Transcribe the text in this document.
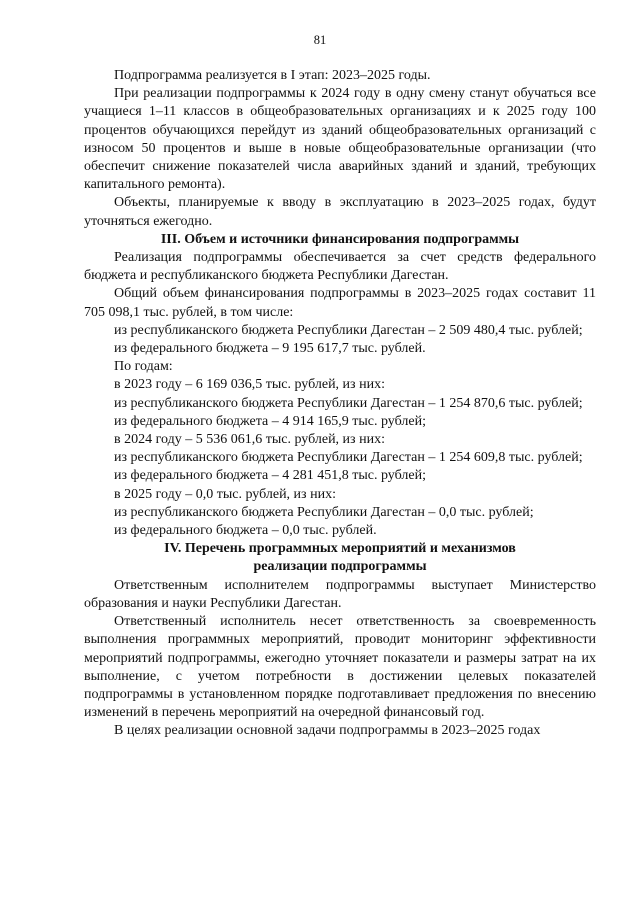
81

Подпрограмма реализуется в I этап: 2023–2025 годы.

При реализации подпрограммы к 2024 году в одну смену станут обучаться все учащиеся 1–11 классов в общеобразовательных организациях и к 2025 году 100 процентов обучающихся перейдут из зданий общеобразовательных организаций с износом 50 процентов и выше в новые общеобразовательные организации (что обеспечит снижение показателей числа аварийных зданий и зданий, требующих капитального ремонта).

Объекты, планируемые к вводу в эксплуатацию в 2023–2025 годах, будут уточняться ежегодно.

III. Объем и источники финансирования подпрограммы

Реализация подпрограммы обеспечивается за счет средств федерального бюджета и республиканского бюджета Республики Дагестан.

Общий объем финансирования подпрограммы в 2023–2025 годах составит 11 705 098,1 тыс. рублей, в том числе:

из республиканского бюджета Республики Дагестан – 2 509 480,4 тыс. рублей;

из федерального бюджета – 9 195 617,7 тыс. рублей.

По годам:

в 2023 году – 6 169 036,5 тыс. рублей, из них:

из республиканского бюджета Республики Дагестан – 1 254 870,6 тыс. рублей;

из федерального бюджета – 4 914 165,9 тыс. рублей;

в 2024 году – 5 536 061,6 тыс. рублей, из них:

из республиканского бюджета Республики Дагестан – 1 254 609,8 тыс. рублей;

из федерального бюджета – 4 281 451,8 тыс. рублей;

в 2025 году – 0,0 тыс. рублей, из них:

из республиканского бюджета Республики Дагестан – 0,0 тыс. рублей;

из федерального бюджета – 0,0 тыс. рублей.

IV. Перечень программных мероприятий и механизмов
реализации подпрограммы

Ответственным исполнителем подпрограммы выступает Министерство образования и науки Республики Дагестан.

Ответственный исполнитель несет ответственность за своевременность выполнения программных мероприятий, проводит мониторинг эффективности мероприятий подпрограммы, ежегодно уточняет показатели и размеры затрат на их выполнение, с учетом потребности в достижении целевых показателей подпрограммы в установленном порядке подготавливает предложения по внесению изменений в перечень мероприятий на очередной финансовый год.

В целях реализации основной задачи подпрограммы в 2023–2025 годах
